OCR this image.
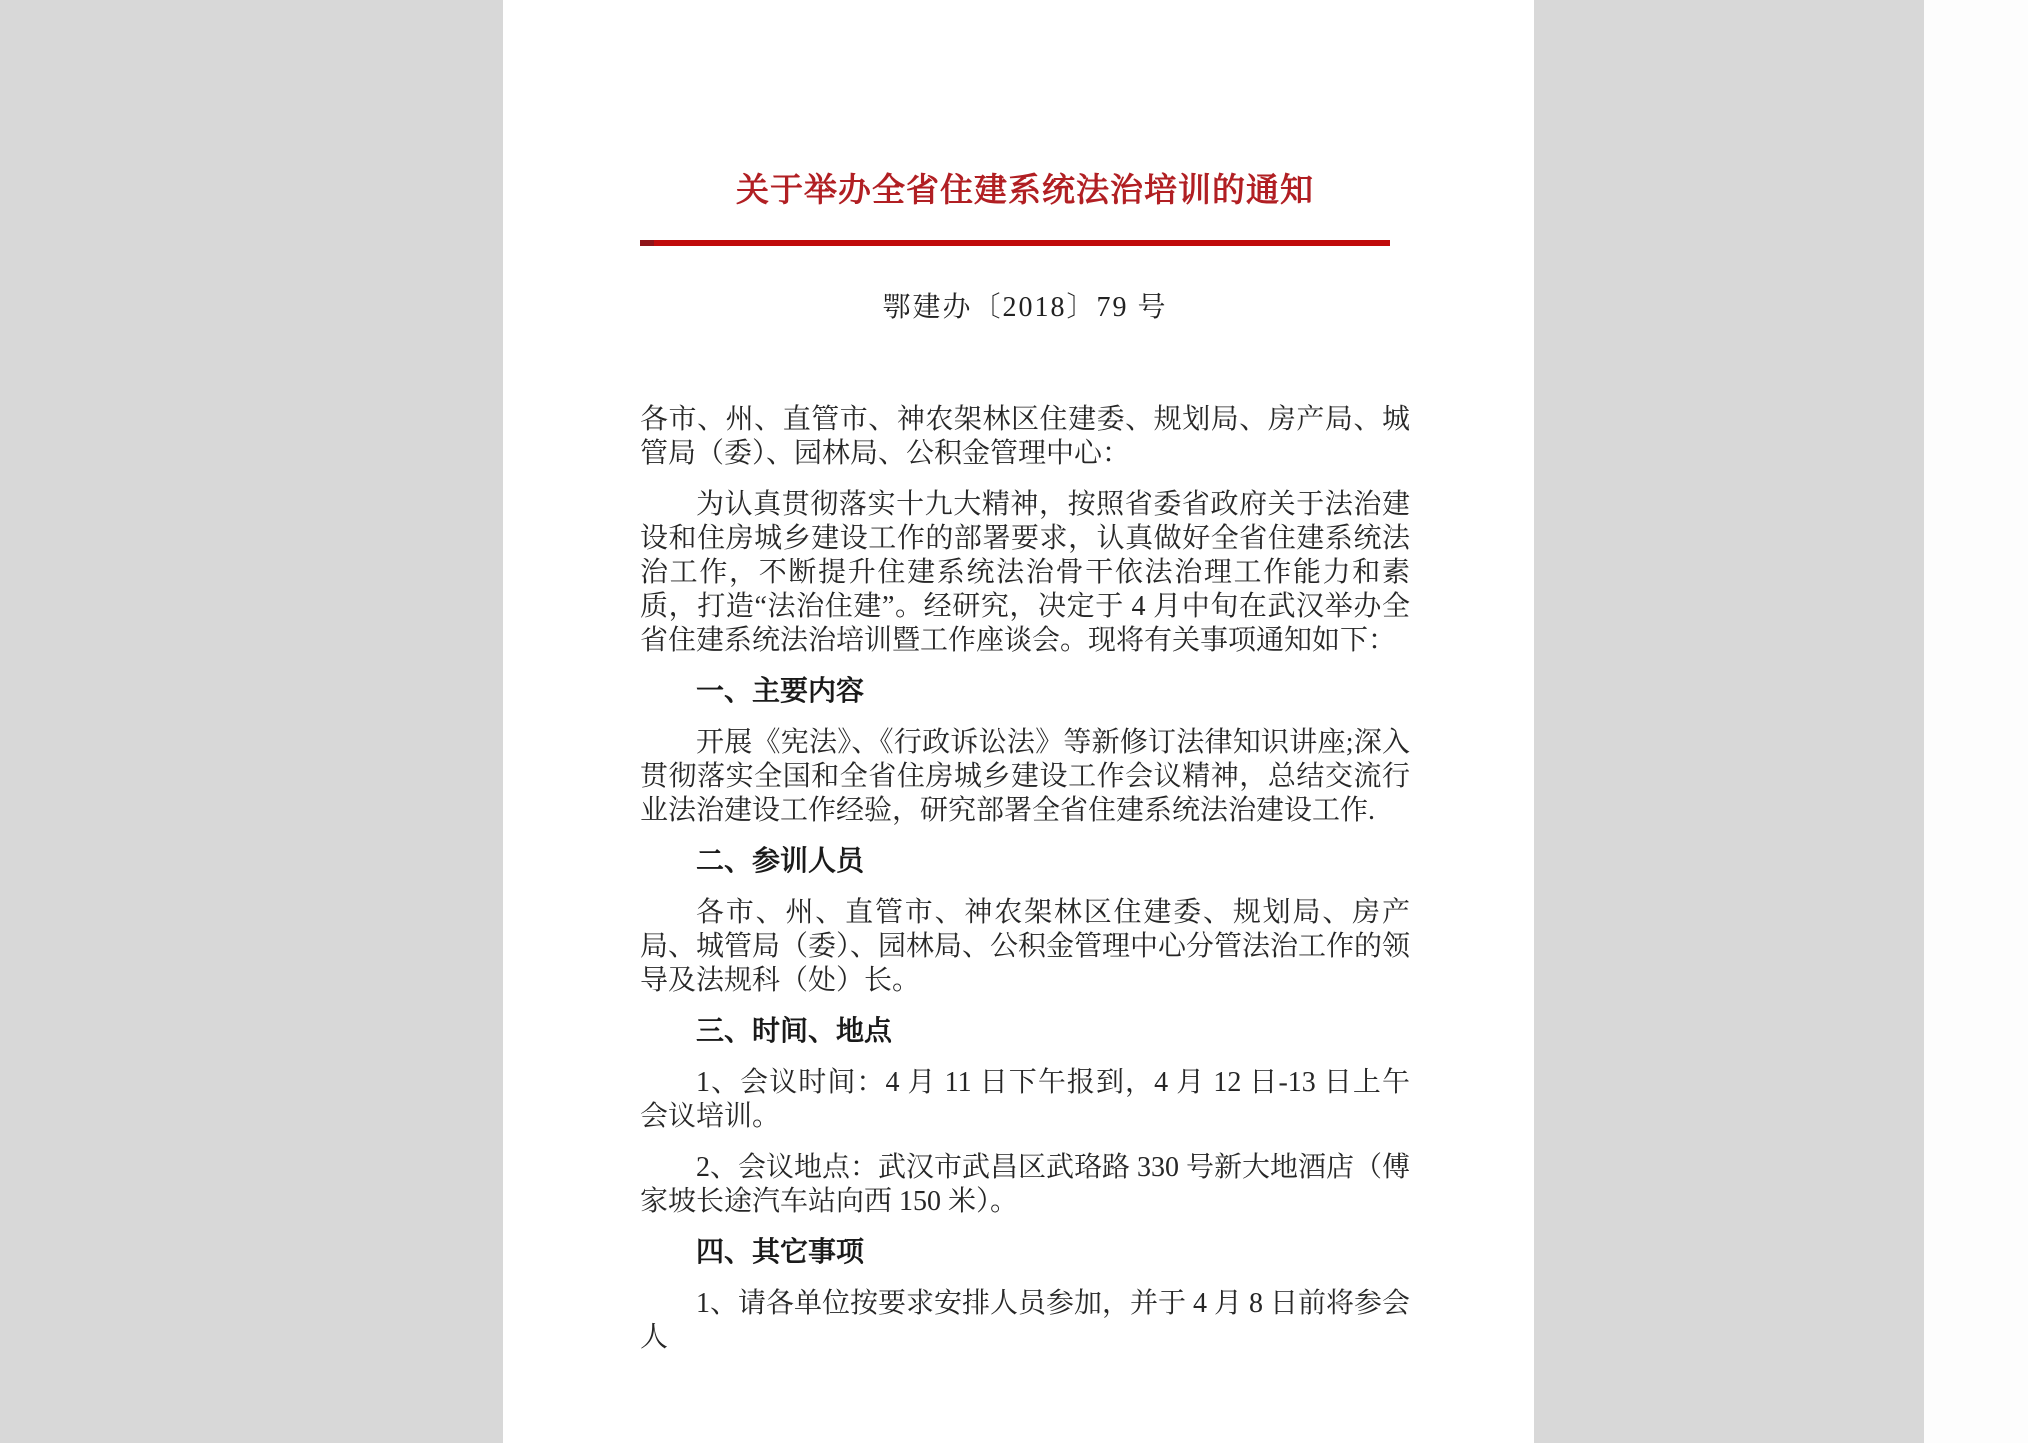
关于举办全省住建系统法治培训的通知
鄂建办〔2018〕79 号

各市、州、直管市、神农架林区住建委、规划局、房产局、城管局（委）、园林局、公积金管理中心：

为认真贯彻落实十九大精神，按照省委省政府关于法治建设和住房城乡建设工作的部署要求，认真做好全省住建系统法治工作，不断提升住建系统法治骨干依法治理工作能力和素质，打造“法治住建”。经研究，决定于 4 月中旬在武汉举办全省住建系统法治培训暨工作座谈会。现将有关事项通知如下：

一、主要内容

开展《宪法》、《行政诉讼法》等新修订法律知识讲座;深入贯彻落实全国和全省住房城乡建设工作会议精神，总结交流行业法治建设工作经验，研究部署全省住建系统法治建设工作.

二、参训人员

各市、州、直管市、神农架林区住建委、规划局、房产局、城管局（委）、园林局、公积金管理中心分管法治工作的领导及法规科（处）长。

三、时间、地点

1、会议时间：4 月 11 日下午报到，4 月 12 日-13 日上午会议培训。

2、会议地点：武汉市武昌区武珞路 330 号新大地酒店（傅家坡长途汽车站向西 150 米）。

四、其它事项

1、请各单位按要求安排人员参加，并于 4 月 8 日前将参会人
